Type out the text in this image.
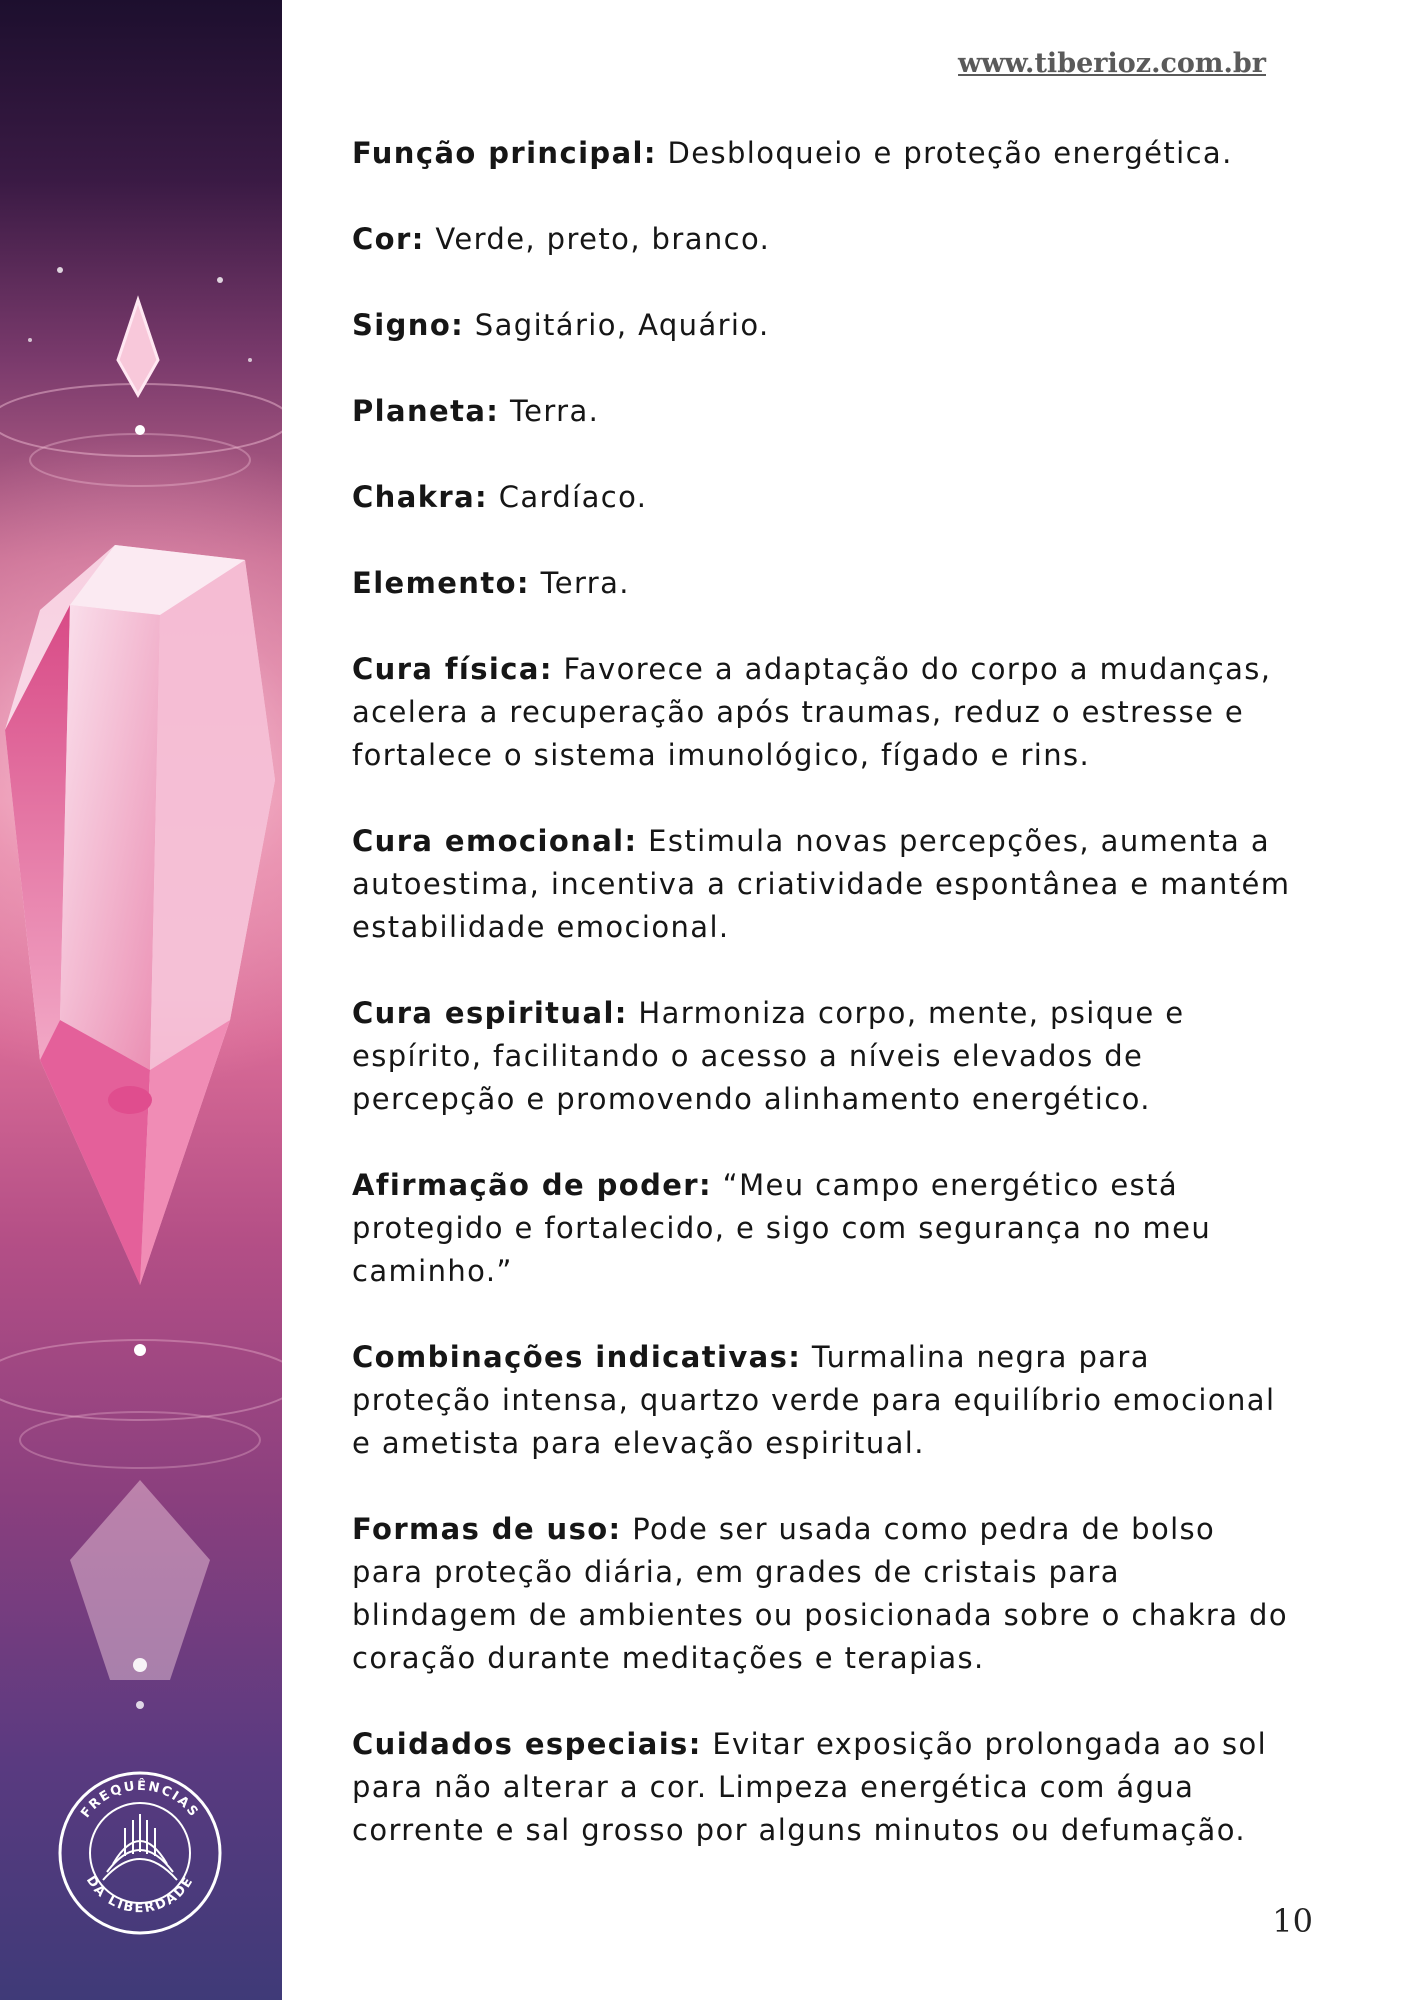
FREQUÊNCIAS
DA LIBERDADE

www.tiberioz.com.br

Função principal: Desbloqueio e proteção energética.

Cor: Verde, preto, branco.

Signo: Sagitário, Aquário.

Planeta: Terra.

Chakra: Cardíaco.

Elemento: Terra.

Cura física: Favorece a adaptação do corpo a mudanças, acelera a recuperação após traumas, reduz o estresse e fortalece o sistema imunológico, fígado e rins.

Cura emocional: Estimula novas percepções, aumenta a autoestima, incentiva a criatividade espontânea e mantém estabilidade emocional.

Cura espiritual: Harmoniza corpo, mente, psique e espírito, facilitando o acesso a níveis elevados de percepção e promovendo alinhamento energético.

Afirmação de poder: “Meu campo energético está protegido e fortalecido, e sigo com segurança no meu caminho.”

Combinações indicativas: Turmalina negra para proteção intensa, quartzo verde para equilíbrio emocional e ametista para elevação espiritual.

Formas de uso: Pode ser usada como pedra de bolso para proteção diária, em grades de cristais para blindagem de ambientes ou posicionada sobre o chakra do coração durante meditações e terapias.

Cuidados especiais: Evitar exposição prolongada ao sol para não alterar a cor. Limpeza energética com água corrente e sal grosso por alguns minutos ou defumação.

10
